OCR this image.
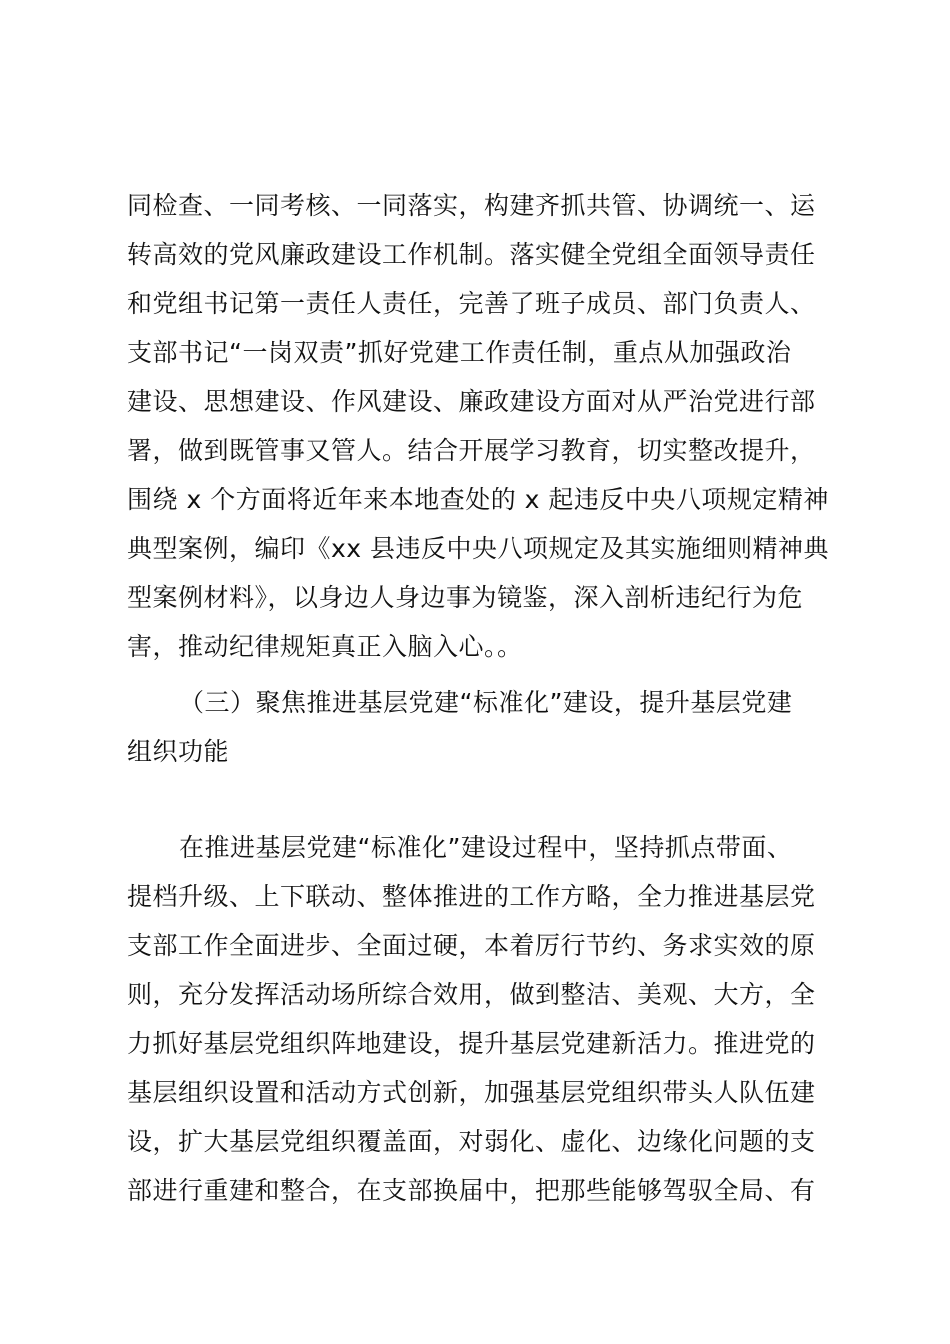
同检查、一同考核、一同落实，构建齐抓共管、协调统一、运
转高效的党风廉政建设工作机制。落实健全党组全面领导责任
和党组书记第一责任人责任，完善了班子成员、部门负责人、
支部书记“一岗双责”抓好党建工作责任制，重点从加强政治
建设、思想建设、作风建设、廉政建设方面对从严治党进行部
署，做到既管事又管人。结合开展学习教育，切实整改提升，
围绕 x 个方面将近年来本地查处的 x 起违反中央八项规定精神
典型案例，编印《xx 县违反中央八项规定及其实施细则精神典
型案例材料》，以身边人身边事为镜鉴，深入剖析违纪行为危
害，推动纪律规矩真正入脑入心。。
（三）聚焦推进基层党建“标准化”建设，提升基层党建
组织功能
在推进基层党建“标准化”建设过程中，坚持抓点带面、
提档升级、上下联动、整体推进的工作方略，全力推进基层党
支部工作全面进步、全面过硬，本着厉行节约、务求实效的原
则，充分发挥活动场所综合效用，做到整洁、美观、大方，全
力抓好基层党组织阵地建设，提升基层党建新活力。推进党的
基层组织设置和活动方式创新，加强基层党组织带头人队伍建
设，扩大基层党组织覆盖面，对弱化、虚化、边缘化问题的支
部进行重建和整合，在支部换届中，把那些能够驾驭全局、有
